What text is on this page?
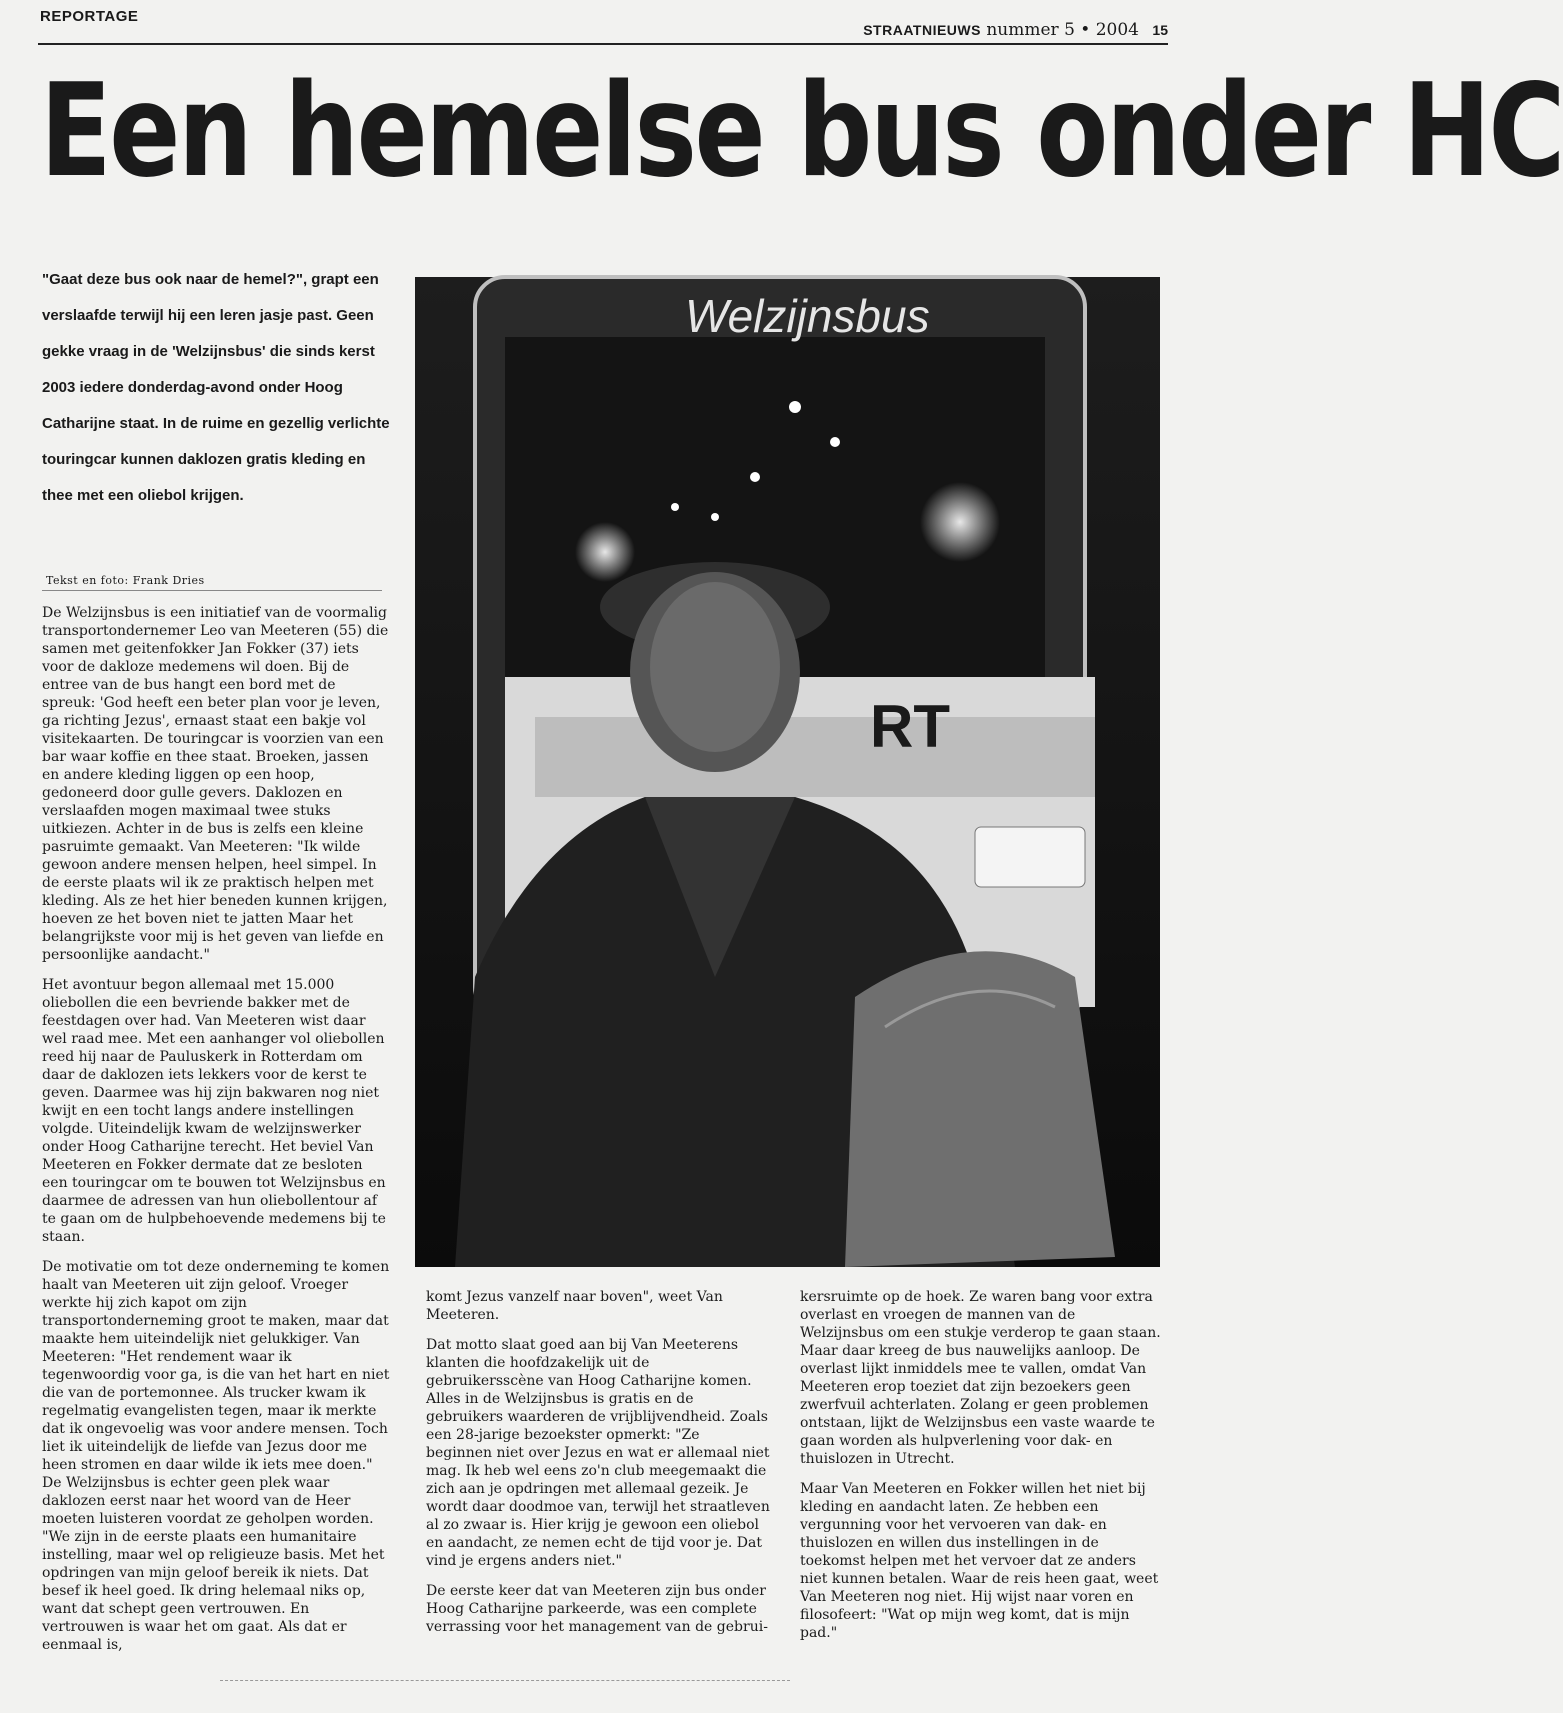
REPORTAGE
STRAATNIEUWS nummer 5 • 2004 15
Een hemelse bus onder HC
"Gaat deze bus ook naar de hemel?", grapt een verslaafde terwijl hij een leren jasje past. Geen gekke vraag in de 'Welzijnsbus' die sinds kerst 2003 iedere donderdag-avond onder Hoog Catharijne staat. In de ruime en gezellig verlichte touringcar kunnen daklozen gratis kleding en thee met een oliebol krijgen.
Tekst en foto: Frank Dries
RT
Welzijnsbus

De Welzijnsbus is een initiatief van de voormalig transportondernemer Leo van Meeteren (55) die samen met geitenfokker Jan Fokker (37) iets voor de dakloze medemens wil doen. Bij de entree van de bus hangt een bord met de spreuk: 'God heeft een beter plan voor je leven, ga richting Jezus', ernaast staat een bakje vol visitekaarten. De touringcar is voorzien van een bar waar koffie en thee staat. Broeken, jassen en andere kleding liggen op een hoop, gedoneerd door gulle gevers. Daklozen en verslaafden mogen maximaal twee stuks uitkiezen. Achter in de bus is zelfs een kleine pasruimte gemaakt. Van Meeteren: "Ik wilde gewoon andere mensen helpen, heel simpel. In de eerste plaats wil ik ze praktisch helpen met kleding. Als ze het hier beneden kunnen krijgen, hoeven ze het boven niet te jatten Maar het belangrijkste voor mij is het geven van liefde en persoonlijke aandacht."

Het avontuur begon allemaal met 15.000 oliebollen die een bevriende bakker met de feestdagen over had. Van Meeteren wist daar wel raad mee. Met een aanhanger vol oliebollen reed hij naar de Pauluskerk in Rotterdam om daar de daklozen iets lekkers voor de kerst te geven. Daarmee was hij zijn bakwaren nog niet kwijt en een tocht langs andere instellingen volgde. Uiteindelijk kwam de welzijnswerker onder Hoog Catharijne terecht. Het beviel Van Meeteren en Fokker dermate dat ze besloten een touringcar om te bouwen tot Welzijnsbus en daarmee de adressen van hun oliebollentour af te gaan om de hulpbehoevende medemens bij te staan.

De motivatie om tot deze onderneming te komen haalt van Meeteren uit zijn geloof. Vroeger werkte hij zich kapot om zijn transportonderneming groot te maken, maar dat maakte hem uiteindelijk niet gelukkiger. Van Meeteren: "Het rendement waar ik tegenwoordig voor ga, is die van het hart en niet die van de portemonnee. Als trucker kwam ik regelmatig evangelisten tegen, maar ik merkte dat ik ongevoelig was voor andere mensen. Toch liet ik uiteindelijk de liefde van Jezus door me heen stromen en daar wilde ik iets mee doen." De Welzijnsbus is echter geen plek waar daklozen eerst naar het woord van de Heer moeten luisteren voordat ze geholpen worden. "We zijn in de eerste plaats een humanitaire instelling, maar wel op religieuze basis. Met het opdringen van mijn geloof bereik ik niets. Dat besef ik heel goed. Ik dring helemaal niks op, want dat schept geen vertrouwen. En vertrouwen is waar het om gaat. Als dat er eenmaal is,

komt Jezus vanzelf naar boven", weet Van Meeteren.

Dat motto slaat goed aan bij Van Meeterens klanten die hoofdzakelijk uit de gebruikersscène van Hoog Catharijne komen. Alles in de Welzijnsbus is gratis en de gebruikers waarderen de vrijblijvendheid. Zoals een 28-jarige bezoekster opmerkt: "Ze beginnen niet over Jezus en wat er allemaal niet mag. Ik heb wel eens zo'n club meegemaakt die zich aan je opdringen met allemaal gezeik. Je wordt daar doodmoe van, terwijl het straatleven al zo zwaar is. Hier krijg je gewoon een oliebol en aandacht, ze nemen echt de tijd voor je. Dat vind je ergens anders niet."

De eerste keer dat van Meeteren zijn bus onder Hoog Catharijne parkeerde, was een complete verrassing voor het management van de gebrui-

kersruimte op de hoek. Ze waren bang voor extra overlast en vroegen de mannen van de Welzijnsbus om een stukje verderop te gaan staan. Maar daar kreeg de bus nauwelijks aanloop. De overlast lijkt inmiddels mee te vallen, omdat Van Meeteren erop toeziet dat zijn bezoekers geen zwerfvuil achterlaten. Zolang er geen problemen ontstaan, lijkt de Welzijnsbus een vaste waarde te gaan worden als hulpverlening voor dak- en thuislozen in Utrecht.

Maar Van Meeteren en Fokker willen het niet bij kleding en aandacht laten. Ze hebben een vergunning voor het vervoeren van dak- en thuislozen en willen dus instellingen in de toekomst helpen met het vervoer dat ze anders niet kunnen betalen. Waar de reis heen gaat, weet Van Meeteren nog niet. Hij wijst naar voren en filosofeert: "Wat op mijn weg komt, dat is mijn pad."
